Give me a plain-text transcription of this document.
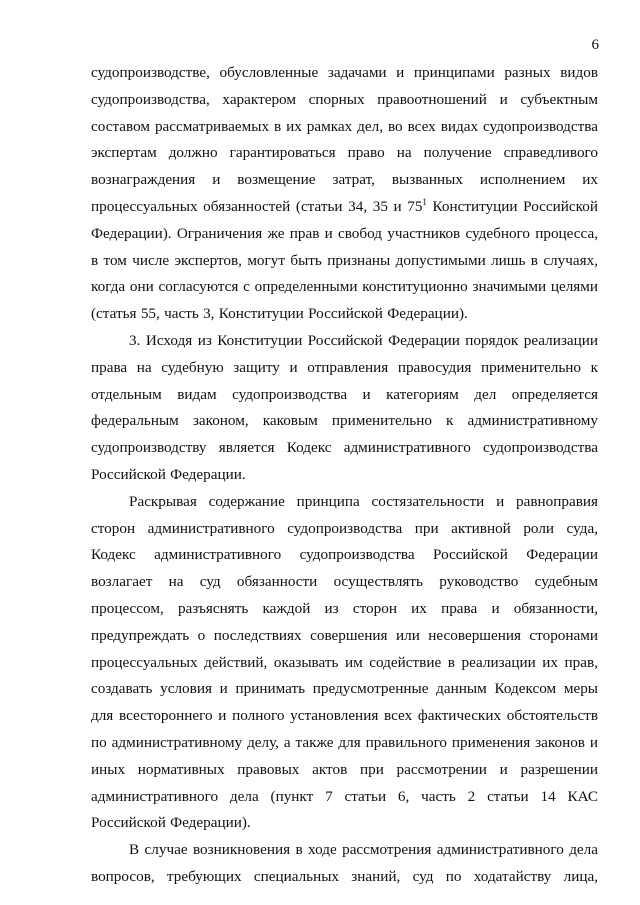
6
судопроизводстве, обусловленные задачами и принципами разных видов
судопроизводства, характером спорных правоотношений и субъектным
составом рассматриваемых в их рамках дел, во всех видах судопроизводства
экспертам должно гарантироваться право на получение справедливого
вознаграждения и возмещение затрат, вызванных исполнением их
процессуальных обязанностей (статьи 34, 35 и $75^1$ Конституции Российской
Федерации). Ограничения же прав и свобод участников судебного процесса,
в том числе экспертов, могут быть признаны допустимыми лишь в случаях,
когда они согласуются с определенными конституционно значимыми целями
(статья 55, часть 3, Конституции Российской Федерации).
3. Исходя из Конституции Российской Федерации порядок реализации
права на судебную защиту и отправления правосудия применительно к
отдельным видам судопроизводства и категориям дел определяется
федеральным законом, каковым применительно к административному
судопроизводству является Кодекс административного судопроизводства
Российской Федерации.
Раскрывая содержание принципа состязательности и равноправия
сторон административного судопроизводства при активной роли суда,
Кодекс административного судопроизводства Российской Федерации
возлагает на суд обязанности осуществлять руководство судебным
процессом, разъяснять каждой из сторон их права и обязанности,
предупреждать о последствиях совершения или несовершения сторонами
процессуальных действий, оказывать им содействие в реализации их прав,
создавать условия и принимать предусмотренные данным Кодексом меры
для всестороннего и полного установления всех фактических обстоятельств
по административному делу, а также для правильного применения законов и
иных нормативных правовых актов при рассмотрении и разрешении
административного дела (пункт 7 статьи 6, часть 2 статьи 14 КАС
Российской Федерации).
В случае возникновения в ходе рассмотрения административного дела
вопросов, требующих специальных знаний, суд по ходатайству лица,
